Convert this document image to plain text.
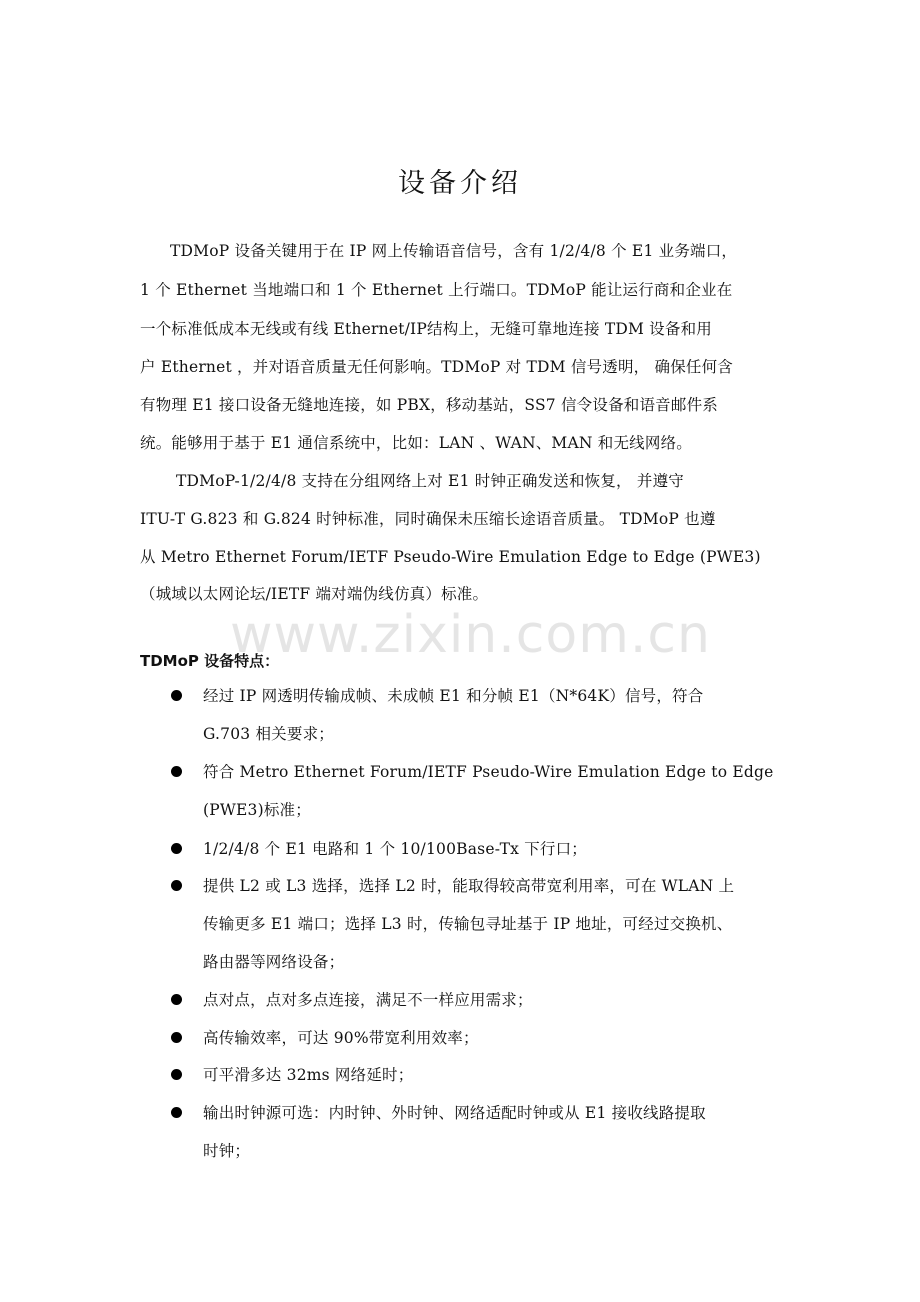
www.zixin.com.cn
设备介绍
TDMoP 设备关键用于在 IP 网上传输语音信号，含有 1/2/4/8 个 E1 业务端口，
1 个 Ethernet 当地端口和 1 个 Ethernet 上行端口。TDMoP 能让运行商和企业在
一个标准低成本无线或有线 Ethernet/IP结构上，无缝可靠地连接 TDM 设备和用
户 Ethernet ，并对语音质量无任何影响。TDMoP 对 TDM 信号透明， 确保任何含
有物理 E1 接口设备无缝地连接，如 PBX，移动基站，SS7 信令设备和语音邮件系
统。能够用于基于 E1 通信系统中，比如：LAN 、WAN、MAN 和无线网络。
TDMoP-1/2/4/8 支持在分组网络上对 E1 时钟正确发送和恢复， 并遵守
ITU-T G.823 和 G.824 时钟标准，同时确保未压缩长途语音质量。 TDMoP 也遵
从 Metro Ethernet Forum/IETF Pseudo-Wire Emulation Edge to Edge (PWE3)
（城域以太网论坛/IETF 端对端伪线仿真）标准。
TDMoP 设备特点：
经过 IP 网透明传输成帧、未成帧 E1 和分帧 E1（N*64K）信号，符合
G.703 相关要求；
符合 Metro Ethernet Forum/IETF Pseudo-Wire Emulation Edge to Edge
(PWE3)标准；
1/2/4/8 个 E1 电路和 1 个 10/100Base-Tx 下行口；
提供 L2 或 L3 选择，选择 L2 时，能取得较高带宽利用率，可在 WLAN 上
传输更多 E1 端口；选择 L3 时，传输包寻址基于 IP 地址，可经过交换机、
路由器等网络设备；
点对点，点对多点连接，满足不一样应用需求；
高传输效率，可达 90%带宽利用效率；
可平滑多达 32ms 网络延时；
输出时钟源可选：内时钟、外时钟、网络适配时钟或从 E1 接收线路提取
时钟；
